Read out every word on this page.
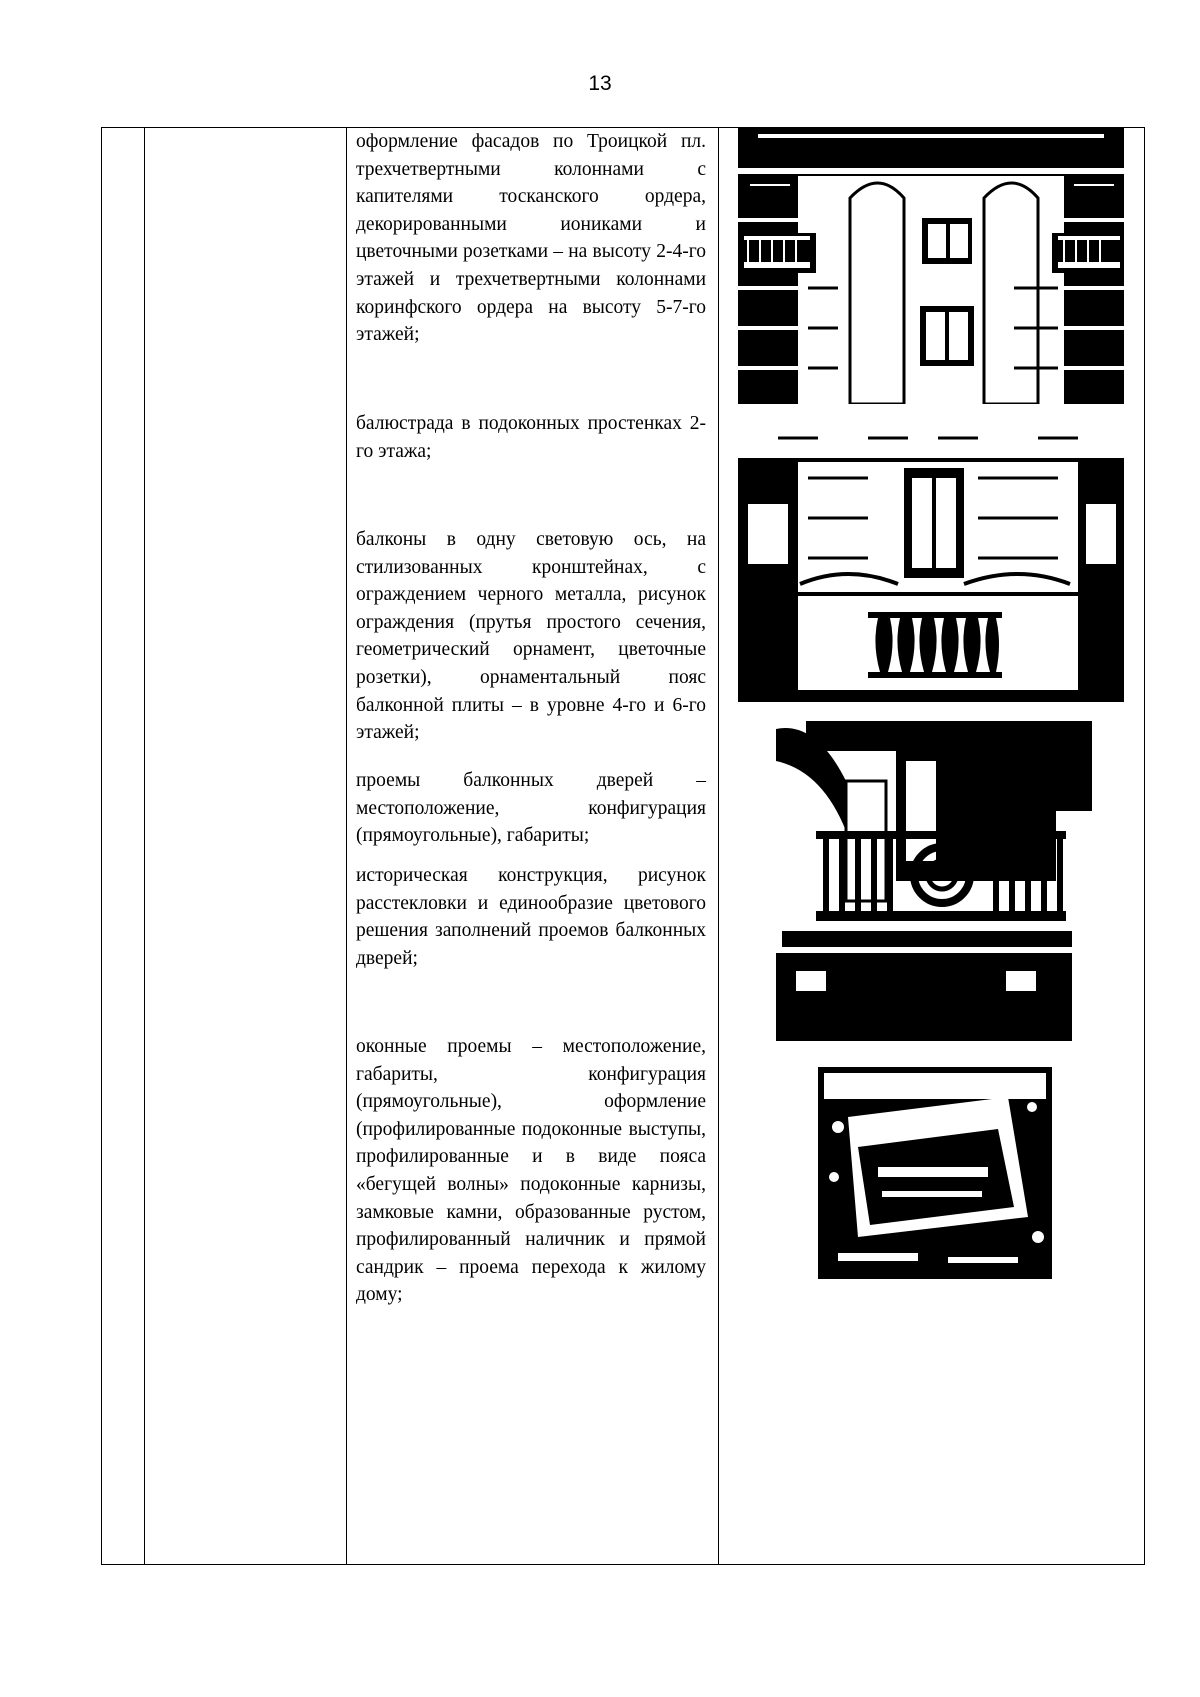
13
оформление фасадов по Троицкой пл. трехчетвертными колоннами с капителями тосканского ордера, декорированными иониками и цветочными розетками – на высоту 2-4-го этажей и трехчетвертными колоннами коринфского ордера на высоту 5-7-го этажей;
балюстрада в подоконных простенках 2-го этажа;
балконы в одну световую ось, на стилизованных кронштейнах, с ограждением черного металла, рисунок ограждения (прутья простого сечения, геометрический орнамент, цветочные розетки), орнаментальный пояс балконной плиты – в уровне 4-го и 6-го этажей;
проемы балконных дверей – местоположение, конфигурация (прямоугольные), габариты;
историческая конструкция, рисунок расстекловки и единообразие цветового решения заполнений проемов балконных дверей;
оконные проемы – местоположение, габариты, конфигурация (прямоугольные), оформление (профилированные подоконные выступы, профилированные и в виде пояса «бегущей волны» подоконные карнизы, замковые камни, образованные рустом, профилированный наличник и прямой сандрик – проема перехода к жилому дому;
